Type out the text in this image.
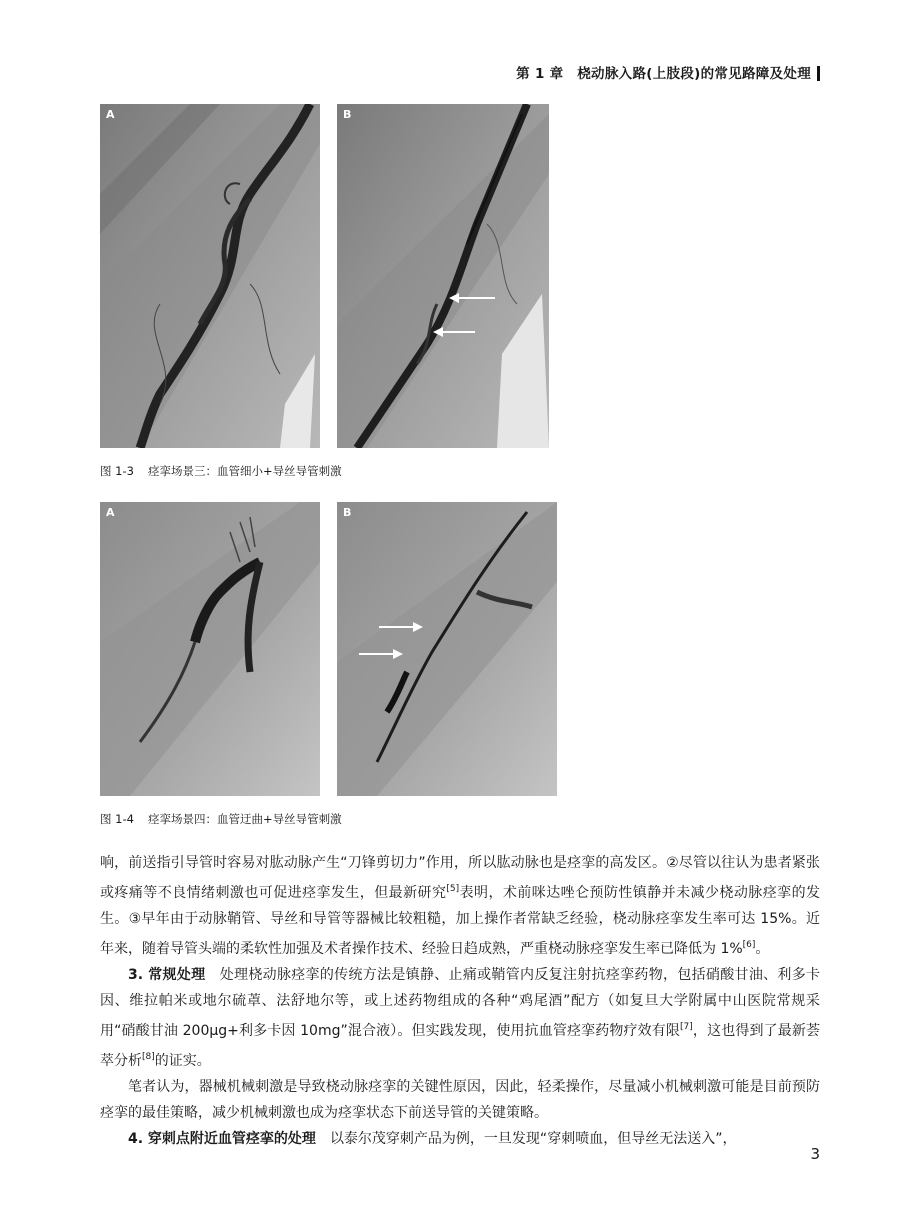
第 1 章　桡动脉入路(上肢段)的常见路障及处理
A	B
图 1-3 痉挛场景三：血管细小+导丝导管刺激
A	B
图 1-4 痉挛场景四：血管迂曲+导丝导管刺激

响，前送指引导管时容易对肱动脉产生“刀锋剪切力”作用，所以肱动脉也是痉挛的高发区。②尽管以往认为患者紧张或疼痛等不良情绪刺激也可促进痉挛发生，但最新研究[5]表明，术前咪达唑仑预防性镇静并未减少桡动脉痉挛的发生。③早年由于动脉鞘管、导丝和导管等器械比较粗糙，加上操作者常缺乏经验，桡动脉痉挛发生率可达 15%。近年来，随着导管头端的柔软性加强及术者操作技术、经验日趋成熟，严重桡动脉痉挛发生率已降低为 1%[6]。

3. 常规处理　 处理桡动脉痉挛的传统方法是镇静、止痛或鞘管内反复注射抗痉挛药物，包括硝酸甘油、利多卡因、维拉帕米或地尔硫䓬、法舒地尔等，或上述药物组成的各种“鸡尾酒”配方（如复旦大学附属中山医院常规采用“硝酸甘油 200μg+利多卡因 10mg”混合液）。但实践发现，使用抗血管痉挛药物疗效有限[7]，这也得到了最新荟萃分析[8]的证实。

笔者认为，器械机械刺激是导致桡动脉痉挛的关键性原因，因此，轻柔操作，尽量减小机械刺激可能是目前预防痉挛的最佳策略，减少机械刺激也成为痉挛状态下前送导管的关键策略。

4. 穿刺点附近血管痉挛的处理　 以泰尔茂穿刺产品为例，一旦发现“穿刺喷血，但导丝无法送入”，

3
